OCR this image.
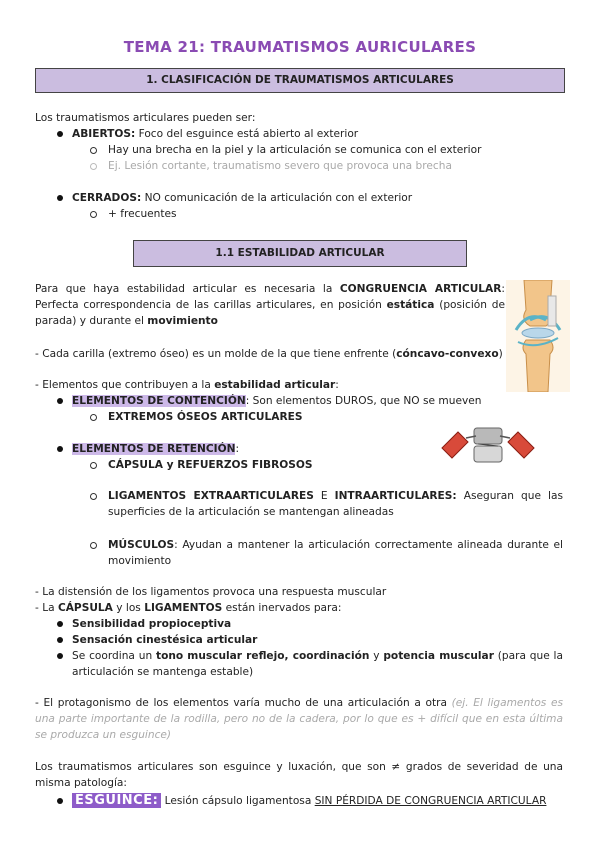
TEMA 21: TRAUMATISMOS AURICULARES
1. CLASIFICACIÓN DE TRAUMATISMOS ARTICULARES
Los traumatismos articulares pueden ser:
ABIERTOS: Foco del esguince está abierto al exterior
Hay una brecha en la piel y la articulación se comunica con el exterior
Ej. Lesión cortante, traumatismo severo que provoca una brecha
CERRADOS: NO comunicación de la articulación con el exterior
+ frecuentes
1.1 ESTABILIDAD ARTICULAR
Para que haya estabilidad articular es necesaria la CONGRUENCIA ARTICULAR: Perfecta correspondencia de las carillas articulares, en posición estática (posición de parada) y durante el movimiento
- Cada carilla (extremo óseo) es un molde de la que tiene enfrente (cóncavo-convexo)
- Elementos que contribuyen a la estabilidad articular:
ELEMENTOS DE CONTENCIÓN: Son elementos DUROS, que NO se mueven
EXTREMOS ÓSEOS ARTICULARES
ELEMENTOS DE RETENCIÓN:
CÁPSULA y REFUERZOS FIBROSOS
LIGAMENTOS EXTRAARTICULARES E INTRAARTICULARES: Aseguran que las superficies de la articulación se mantengan alineadas
MÚSCULOS: Ayudan a mantener la articulación correctamente alineada durante el movimiento
- La distensión de los ligamentos provoca una respuesta muscular
- La CÁPSULA y los LIGAMENTOS están inervados para:
Sensibilidad propioceptiva
Sensación cinestésica articular
Se coordina un tono muscular reflejo, coordinación y potencia muscular (para que la articulación se mantenga estable)
- El protagonismo de los elementos varía mucho de una articulación a otra (ej. El ligamentos es una parte importante de la rodilla, pero no de la cadera, por lo que es + difícil que en esta última se produzca un esguince)
Los traumatismos articulares son esguince y luxación, que son ≠ grados de severidad de una misma patología:
ESGUINCE: Lesión cápsulo ligamentosa SIN PÉRDIDA DE CONGRUENCIA ARTICULAR
